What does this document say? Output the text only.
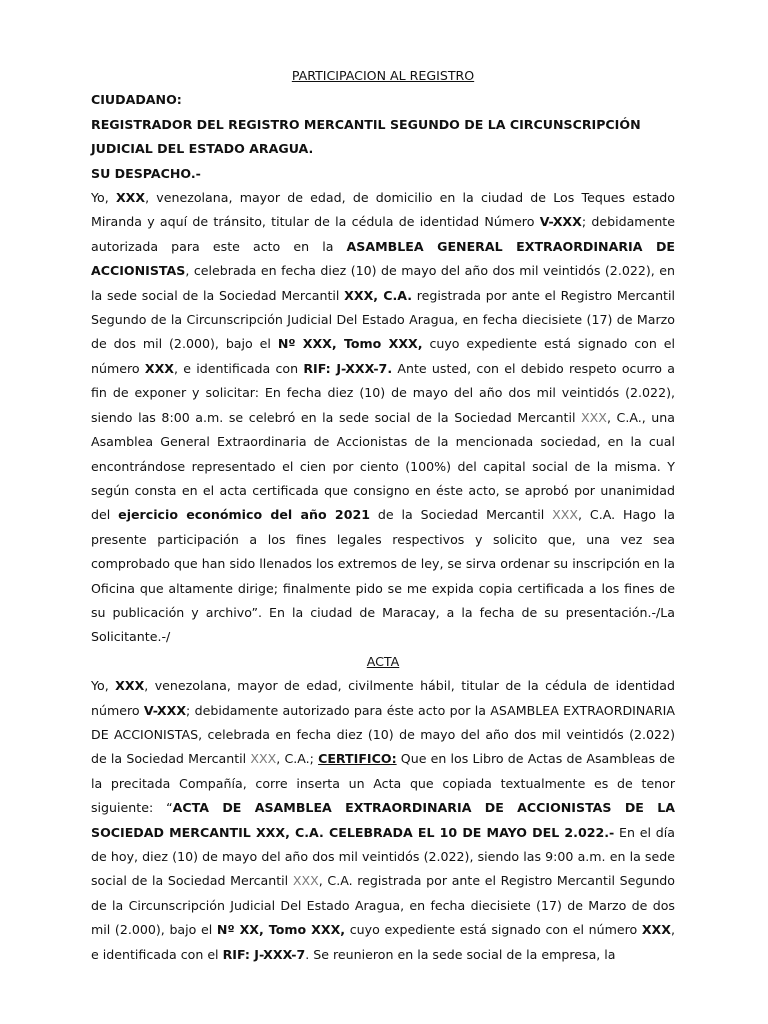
PARTICIPACION AL REGISTRO

CIUDADANO:

REGISTRADOR DEL REGISTRO MERCANTIL SEGUNDO DE LA CIRCUNSCRIPCIÓN JUDICIAL DEL ESTADO ARAGUA.

SU DESPACHO.-

Yo, XXX, venezolana, mayor de edad, de domicilio en la ciudad de Los Teques estado Miranda y aquí de tránsito, titular de la cédula de identidad Número V-XXX; debidamente autorizada para este acto en la ASAMBLEA GENERAL EXTRAORDINARIA DE ACCIONISTAS, celebrada en fecha diez (10) de mayo del año dos mil veintidós (2.022), en la sede social de la Sociedad Mercantil XXX, C.A. registrada por ante el Registro Mercantil Segundo de la Circunscripción Judicial Del Estado Aragua, en fecha diecisiete (17) de Marzo de dos mil (2.000), bajo el Nº XXX, Tomo XXX, cuyo expediente está signado con el número XXX, e identificada con RIF: J-XXX-7. Ante usted, con el debido respeto ocurro a fin de exponer y solicitar: En fecha diez (10) de mayo del año dos mil veintidós (2.022), siendo las 8:00 a.m. se celebró en la sede social de la Sociedad Mercantil XXX, C.A., una Asamblea General Extraordinaria de Accionistas de la mencionada sociedad, en la cual encontrándose representado el cien por ciento (100%) del capital social de la misma. Y según consta en el acta certificada que consigno en éste acto, se aprobó por unanimidad del ejercicio económico del año 2021 de la Sociedad Mercantil XXX, C.A. Hago la presente participación a los fines legales respectivos y solicito que, una vez sea comprobado que han sido llenados los extremos de ley, se sirva ordenar su inscripción en la Oficina que altamente dirige; finalmente pido se me expida copia certificada a los fines de su publicación y archivo”. En la ciudad de Maracay, a la fecha de su presentación.-/La Solicitante.-/

ACTA

Yo, XXX, venezolana, mayor de edad, civilmente hábil, titular de la cédula de identidad número V-XXX; debidamente autorizado para éste acto por la ASAMBLEA EXTRAORDINARIA DE ACCIONISTAS, celebrada en fecha diez (10) de mayo del año dos mil veintidós (2.022) de la Sociedad Mercantil XXX, C.A.; CERTIFICO: Que en los Libro de Actas de Asambleas de la precitada Compañía, corre inserta un Acta que copiada textualmente es de tenor siguiente: “ACTA DE ASAMBLEA EXTRAORDINARIA DE ACCIONISTAS DE LA SOCIEDAD MERCANTIL XXX, C.A. CELEBRADA EL 10 DE MAYO DEL 2.022.- En el día de hoy, diez (10) de mayo del año dos mil veintidós (2.022), siendo las 9:00 a.m. en la sede social de la Sociedad Mercantil XXX, C.A. registrada por ante el Registro Mercantil Segundo de la Circunscripción Judicial Del Estado Aragua, en fecha diecisiete (17) de Marzo de dos mil (2.000), bajo el Nº XX, Tomo XXX, cuyo expediente está signado con el número XXX, e identificada con el RIF: J-XXX-7. Se reunieron en la sede social de la empresa, la
